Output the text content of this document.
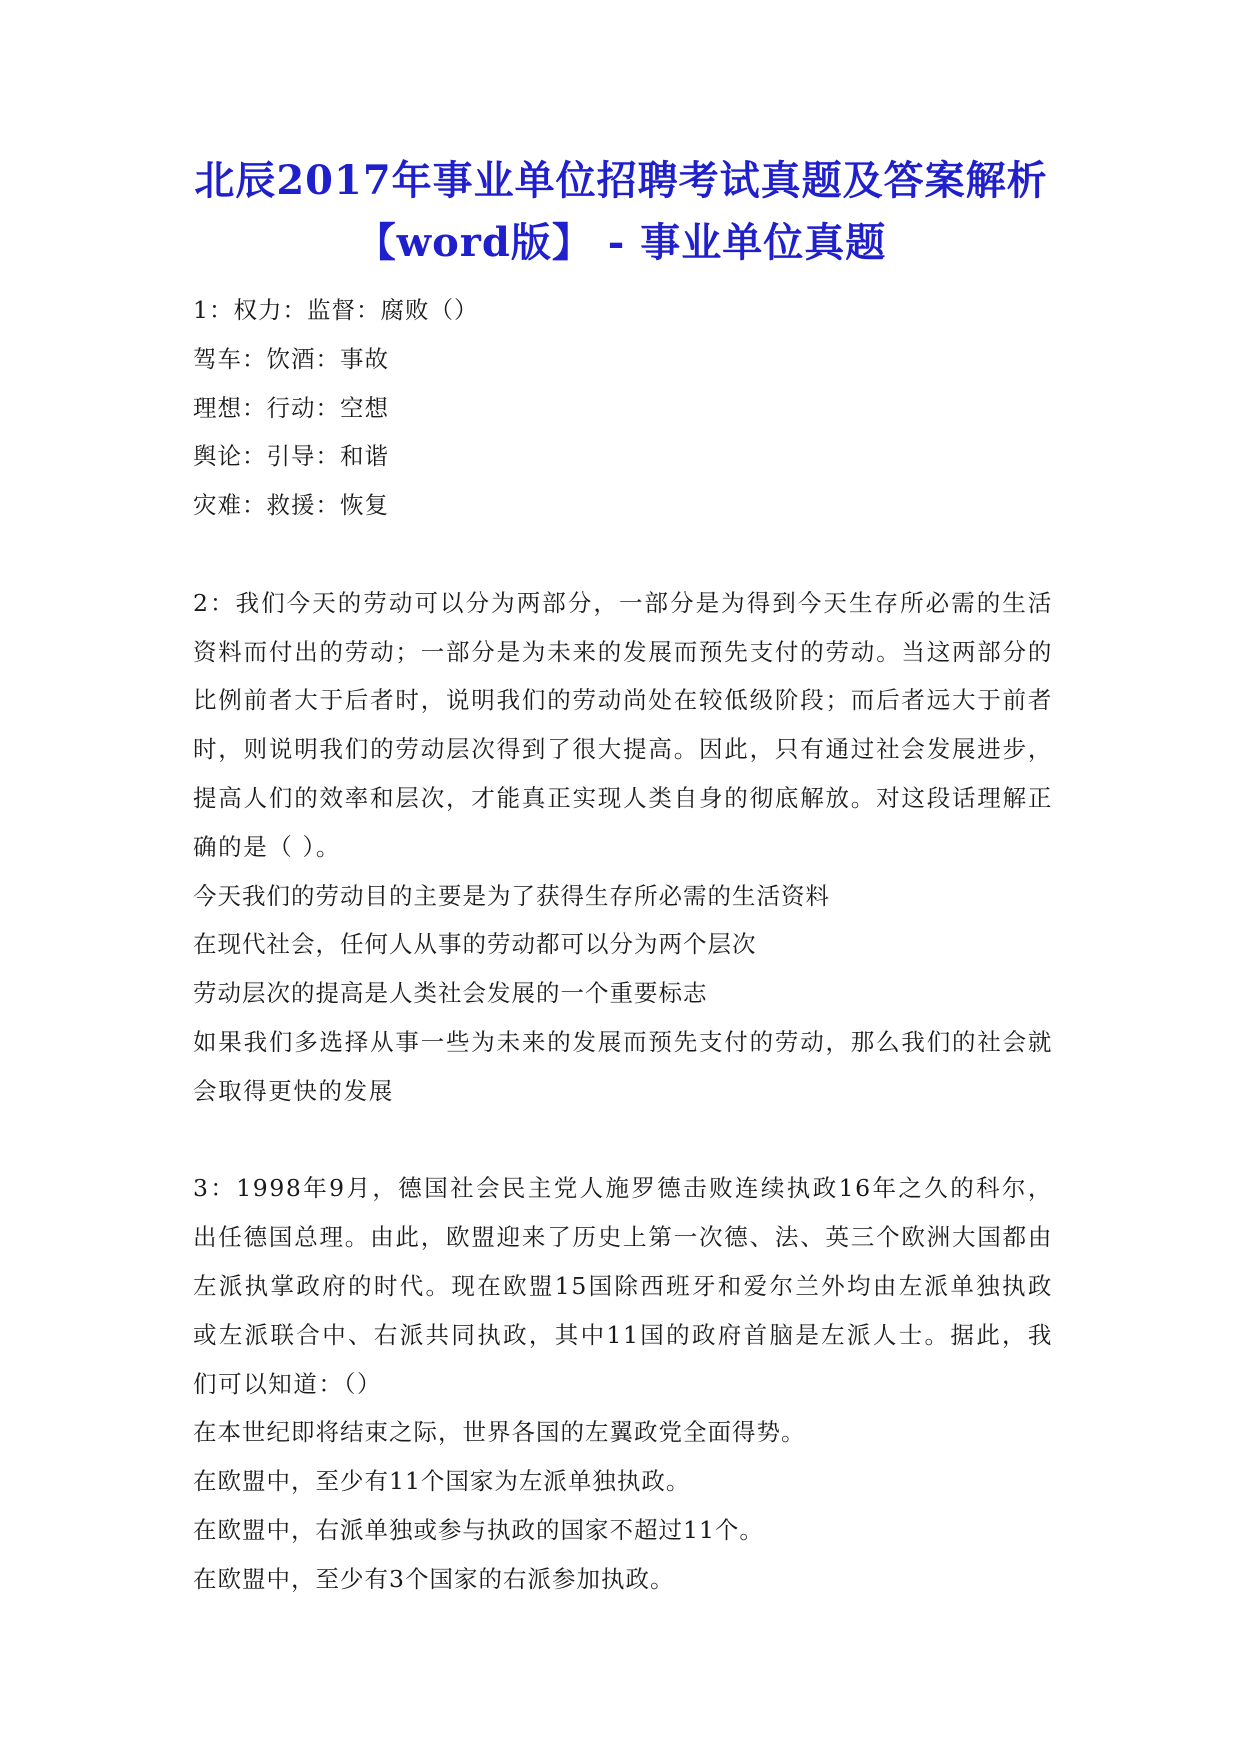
北辰2017年事业单位招聘考试真题及答案解析【word版】 - 事业单位真题
1：权力：监督：腐败（）
驾车：饮酒：事故
理想：行动：空想
舆论：引导：和谐
灾难：救援：恢复
2：我们今天的劳动可以分为两部分，一部分是为得到今天生存所必需的生活资料而付出的劳动；一部分是为未来的发展而预先支付的劳动。当这两部分的比例前者大于后者时，说明我们的劳动尚处在较低级阶段；而后者远大于前者时，则说明我们的劳动层次得到了很大提高。因此，只有通过社会发展进步，提高人们的效率和层次，才能真正实现人类自身的彻底解放。对这段话理解正确的是（ ）。
今天我们的劳动目的主要是为了获得生存所必需的生活资料
在现代社会，任何人从事的劳动都可以分为两个层次
劳动层次的提高是人类社会发展的一个重要标志
如果我们多选择从事一些为未来的发展而预先支付的劳动，那么我们的社会就会取得更快的发展
3：1998年9月，德国社会民主党人施罗德击败连续执政16年之久的科尔，出任德国总理。由此，欧盟迎来了历史上第一次德、法、英三个欧洲大国都由左派执掌政府的时代。现在欧盟15国除西班牙和爱尔兰外均由左派单独执政或左派联合中、右派共同执政，其中11国的政府首脑是左派人士。据此，我们可以知道：（）
在本世纪即将结束之际，世界各国的左翼政党全面得势。
在欧盟中，至少有11个国家为左派单独执政。
在欧盟中，右派单独或参与执政的国家不超过11个。
在欧盟中，至少有3个国家的右派参加执政。
